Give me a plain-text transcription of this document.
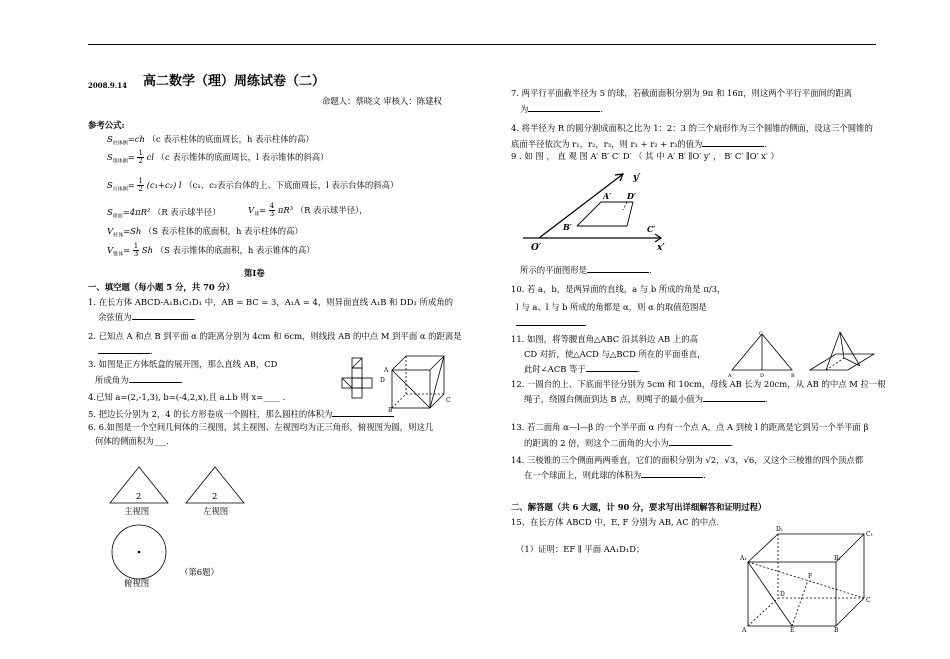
2008.9.14 高二数学（理）周练试卷（二）
命题人：蔡晓文 审核人：陈建权
参考公式:
$S_{柱体侧}=ch$ （c 表示柱体的底面周长，h 表示柱体的高）
$S_{锥体侧}= \frac{1}{2}$ cl （c 表示锥体的底面周长，l 表示锥体的斜高）
$S_{台体侧}= \frac{1}{2} (c_1+c_2)$ l （c₁、c₂表示台体的上、下底面周长，l 表示台体的斜高）
$S_{球面}=4\pi R^2$ （R 表示球半径）	$V_球= \frac{4}{3} \pi R^3$ （R 表示球半径），
$V_{柱体}=Sh$ （S 表示柱体的底面积，h 表示柱体的高）
$V_{锥体}= \frac{1}{3}$ Sh （S 表示锥体的底面积，h 表示锥体的高）
第Ⅰ卷
一、填空题（每小题 5 分，共 70 分）
1. 在长方体 ABCD-A₁B₁C₁D₁ 中，AB = BC = 3，A₁A = 4，则异面直线 A₁B 和 DD₁ 所成角的
余弦值为	.
2. 已知点 A 和点 B 到平面 α 的距离分别为 4cm 和 6cm，则线段 AB 的中点 M 到平面 α 的距离是
.
3. 如图是正方体纸盒的展开图，那么直线 AB，CD
所成角为	.
4.已知 a=(2,-1,3), b=(-4,2,x),且 a⊥b 则 x=____ .
5. 把边长分别为 2，4 的长方形卷成一个圆柱，那么圆柱的体积为
6. 6.如图是一个空间几何体的三视图，其主视图、左视图均为正三角形，俯视图为圆，则这几
何体的侧面积为___.
A
D
B
C
2	2
主视图	左视图
俯视图
（第6题）
7. 两平行平面截半径为 5 的球，若截面面积分别为 9π 和 16π，则这两个平行平面间的距离
为	.
4. 将半径为 R 的圆分割成面积之比为 1：2：3 的三个扇形作为三个圆锥的侧面，设这三个圆锥的
底面半径依次为 r₁，r₂，r₃，则 r₁ + r₂ + r₃的值为	.
9 . 如 图 ， 直 观 图 A′ B′ C′ D′ （ 其 中 A′ B′ ∥O′ y′ ， B′ C′ ∥O′ x′ ）
y′
x′
O′
A′
B′	C′
D′
所示的平面图形是	.
10. 若 a，b，是两异面的直线，a 与 b 所成的角是 π/3，
l 与 a、l 与 b 所成的角都是 α，则 α 的取值范围是
11. 如图，将等腰直角△ABC 沿其斜边 AB 上的高
CD 对折，使△ACD 与△BCD 所在的平面垂直，
此时∠ACB 等于	.
C
A	D	B
12. 一圆台的上、下底面半径分别为 5cm 和 10cm，母线 AB 长为 20cm，从 AB 的中点 M 拉一根
绳子，绕圆台侧面到达 B 点，则绳子的最小值为	.
13. 若二面角 α—l—β 的一个半平面 α 内有一个点 A，点 A 到棱 l 的距离是它到另一个半平面 β
的距离的 2 倍，则这个二面角的大小为	.
14. 三棱锥的三个侧面两两垂直，它们的面积分别为 √2，√3，√6，又这个三棱锥的四个顶点都
在一个球面上，则此球的体积为	.
二、解答题（共 6 大题，计 90 分，要求写出详细解答和证明过程）
15、在长方体 ABCD 中，E, F 分别为 AB, AC 的中点.
（1）证明：EF ∥ 平面 AA₁D₁D；
D₁
C₁
A₁	B₁
F
D
C
A	E	B
